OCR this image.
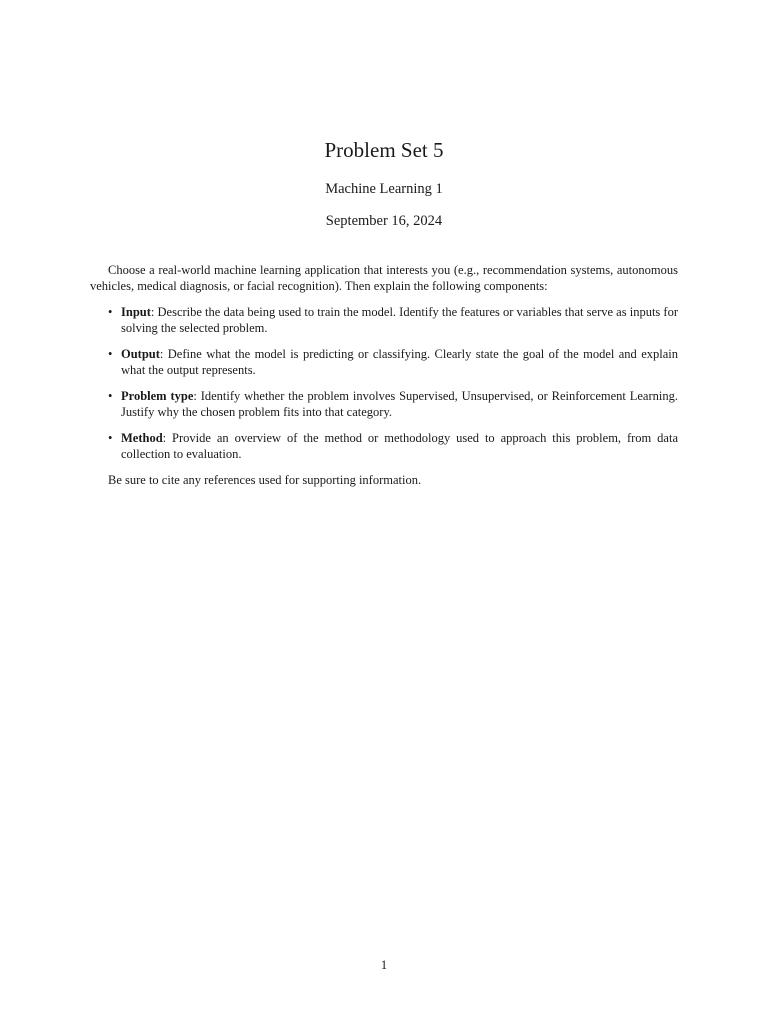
Problem Set 5
Machine Learning 1
September 16, 2024

Choose a real-world machine learning application that interests you (e.g., recommendation systems, autonomous vehicles, medical diagnosis, or facial recognition). Then explain the following components:

• Input: Describe the data being used to train the model. Identify the features or variables that serve as inputs for solving the selected problem.
• Output: Define what the model is predicting or classifying. Clearly state the goal of the model and explain what the output represents.
• Problem type: Identify whether the problem involves Supervised, Unsupervised, or Reinforcement Learning. Justify why the chosen problem fits into that category.
• Method: Provide an overview of the method or methodology used to approach this problem, from data collection to evaluation.

Be sure to cite any references used for supporting information.

1
